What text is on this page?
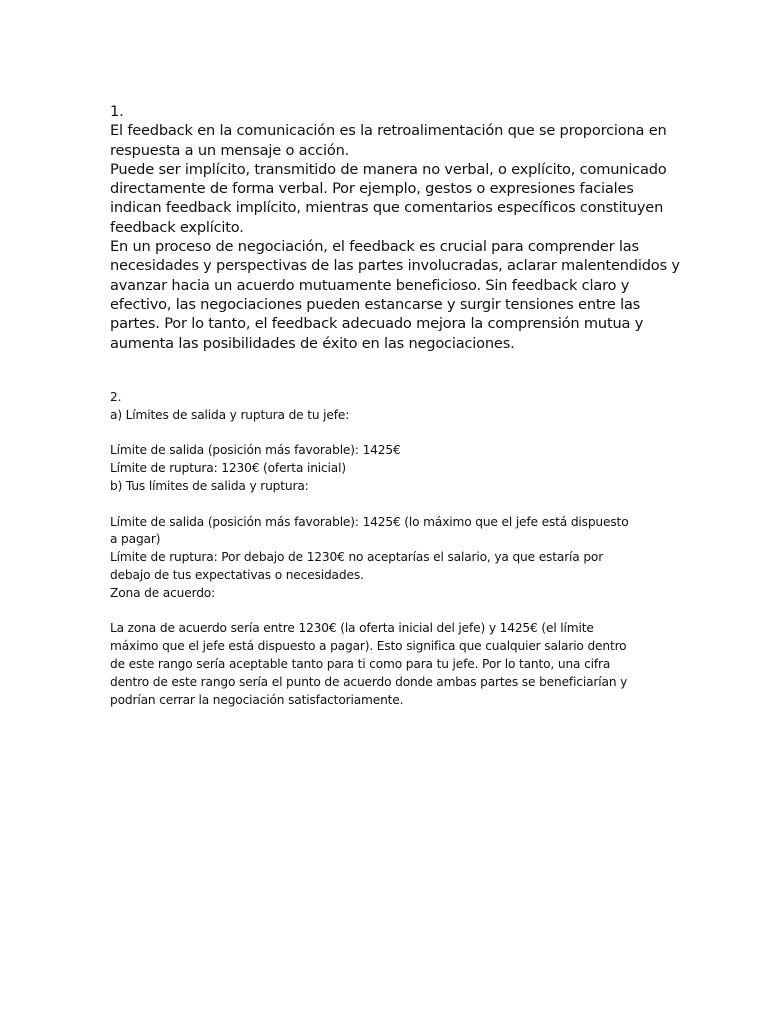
1.

El feedback en la comunicación es la retroalimentación que se proporciona en

respuesta a un mensaje o acción.

Puede ser implícito, transmitido de manera no verbal, o explícito, comunicado

directamente de forma verbal. Por ejemplo, gestos o expresiones faciales

indican feedback implícito, mientras que comentarios específicos constituyen

feedback explícito.

En un proceso de negociación, el feedback es crucial para comprender las

necesidades y perspectivas de las partes involucradas, aclarar malentendidos y

avanzar hacia un acuerdo mutuamente beneficioso. Sin feedback claro y

efectivo, las negociaciones pueden estancarse y surgir tensiones entre las

partes. Por lo tanto, el feedback adecuado mejora la comprensión mutua y

aumenta las posibilidades de éxito en las negociaciones.

2.

a) Límites de salida y ruptura de tu jefe:

Límite de salida (posición más favorable): 1425€

Límite de ruptura: 1230€ (oferta inicial)

b) Tus límites de salida y ruptura:

Límite de salida (posición más favorable): 1425€ (lo máximo que el jefe está dispuesto

a pagar)

Límite de ruptura: Por debajo de 1230€ no aceptarías el salario, ya que estaría por

debajo de tus expectativas o necesidades.

Zona de acuerdo:

La zona de acuerdo sería entre 1230€ (la oferta inicial del jefe) y 1425€ (el límite

máximo que el jefe está dispuesto a pagar). Esto significa que cualquier salario dentro

de este rango sería aceptable tanto para ti como para tu jefe. Por lo tanto, una cifra

dentro de este rango sería el punto de acuerdo donde ambas partes se beneficiarían y

podrían cerrar la negociación satisfactoriamente.
